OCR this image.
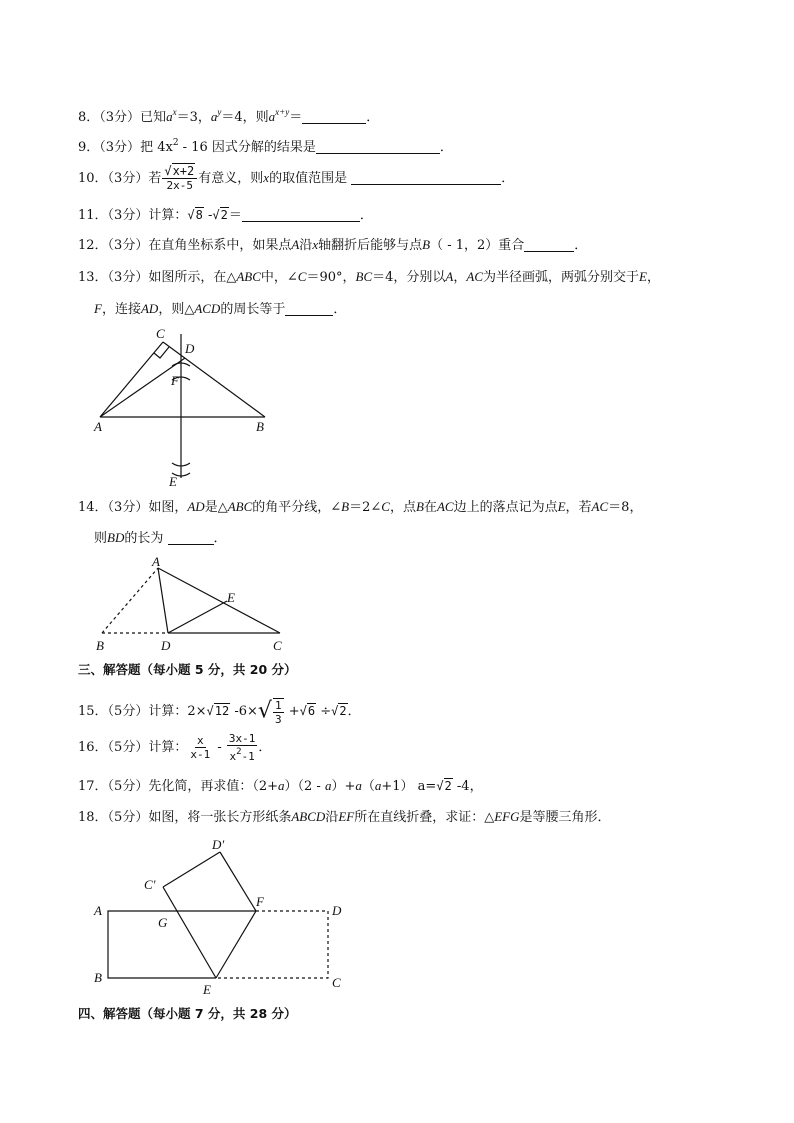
8．（3分）已知$a^x=3$，$a^y=4$，则$a^{x+y}=$	．
9．（3分）把 $4x^2 - 16$ 因式分解的结果是	．
10．（3分）若 $\frac{√x+2}{2x-5}$ 有意义，则x的取值范围是	．
11．（3分）计算：√8 -√2＝	．
12．（3分）在直角坐标系中，如果点A沿x轴翻折后能够与点B（ - 1，2）重合	．
13．（3分）如图所示，在△ABC中，∠C＝90°，BC＝4，分别以A，AC为半径画弧，两弧分别交于E，
F，连接AD，则△ACD的周长等于	．
C
D
F
A	B
E
14．（3分）如图，AD是△ABC的角平分线，∠B＝2∠C，点B在AC边上的落点记为点E，若AC＝8，
则BD的长为	．
A
E
B	D	C
三、解答题（每小题 5 分，共 20 分）
15．（5分）计算：2×√12 $-6\times√ \frac{1}{3} +√6 \div√2$．
16．（5分）计算： $\frac{x}{x-1} - \frac{3x-1}{x^2-1}$ ．
17．（5分）先化简，再求值：（2+a）（2 - a）+a（a+1） a=√2 -4，
18．（5分）如图，将一张长方形纸条ABCD沿EF所在直线折叠，求证：△EFG是等腰三角形．
D′
C′
A
G
F
D
B
E	C
四、解答题（每小题 7 分，共 28 分）
